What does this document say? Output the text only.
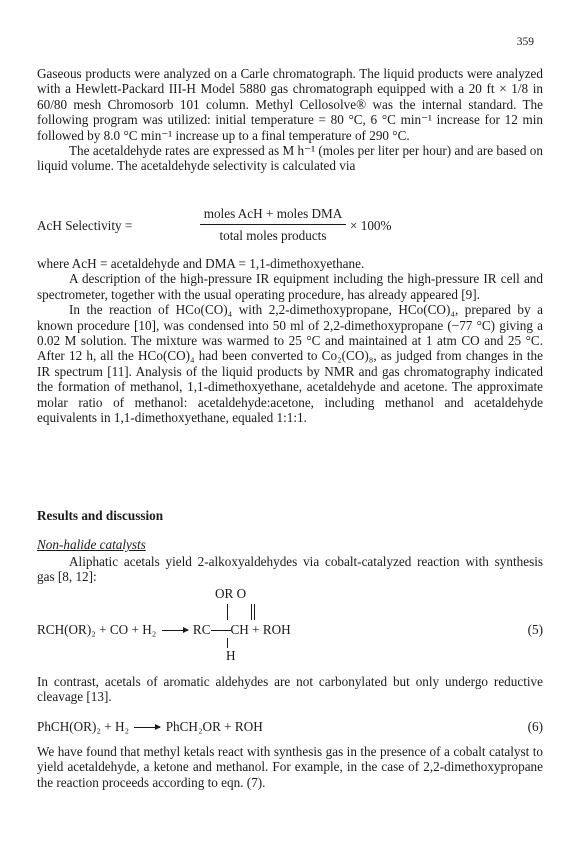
359

Gaseous products were analyzed on a Carle chromatograph. The liquid products were analyzed with a Hewlett-Packard III-H Model 5880 gas chromatograph equipped with a 20 ft × 1/8 in 60/80 mesh Chromosorb 101 column. Methyl Cellosolve® was the internal standard. The following program was utilized: initial temperature = 80 °C, 6 °C min⁻¹ increase for 12 min followed by 8.0 °C min⁻¹ increase up to a final temperature of 290 °C.

The acetaldehyde rates are expressed as M h⁻¹ (moles per liter per hour) and are based on liquid volume. The acetaldehyde selectivity is calculated via

AcH Selectivity =
moles AcH + moles DMA
total moles products
× 100%

where AcH = acetaldehyde and DMA = 1,1-dimethoxyethane.

A description of the high-pressure IR equipment including the high-pressure IR cell and spectrometer, together with the usual operating procedure, has already appeared [9].

In the reaction of HCo(CO)₄ with 2,2-dimethoxypropane, HCo(CO)₄, prepared by a known procedure [10], was condensed into 50 ml of 2,2-dimethoxypropane (−77 °C) giving a 0.02 M solution. The mixture was warmed to 25 °C and maintained at 1 atm CO and 25 °C. After 12 h, all the HCo(CO)₄ had been converted to Co₂(CO)₈, as judged from changes in the IR spectrum [11]. Analysis of the liquid products by NMR and gas chromatography indicated the formation of methanol, 1,1-dimethoxyethane, acetaldehyde and acetone. The approximate molar ratio of methanol: acetaldehyde:acetone, including methanol and acetaldehyde equivalents in 1,1-dimethoxyethane, equaled 1:1:1.

Results and discussion
Non-halide catalysts

Aliphatic acetals yield 2-alkoxyaldehydes via cobalt-catalyzed reaction with synthesis gas [8, 12]:

RCH(OR)₂ + CO + H₂ → RC CH + ROH
OR O
H
(5)

In contrast, acetals of aromatic aldehydes are not carbonylated but only undergo reductive cleavage [13].

PhCH(OR)₂ + H₂ → PhCH₂OR + ROH	(6)

We have found that methyl ketals react with synthesis gas in the presence of a cobalt catalyst to yield acetaldehyde, a ketone and methanol. For example, in the case of 2,2-dimethoxypropane the reaction proceeds according to eqn. (7).
